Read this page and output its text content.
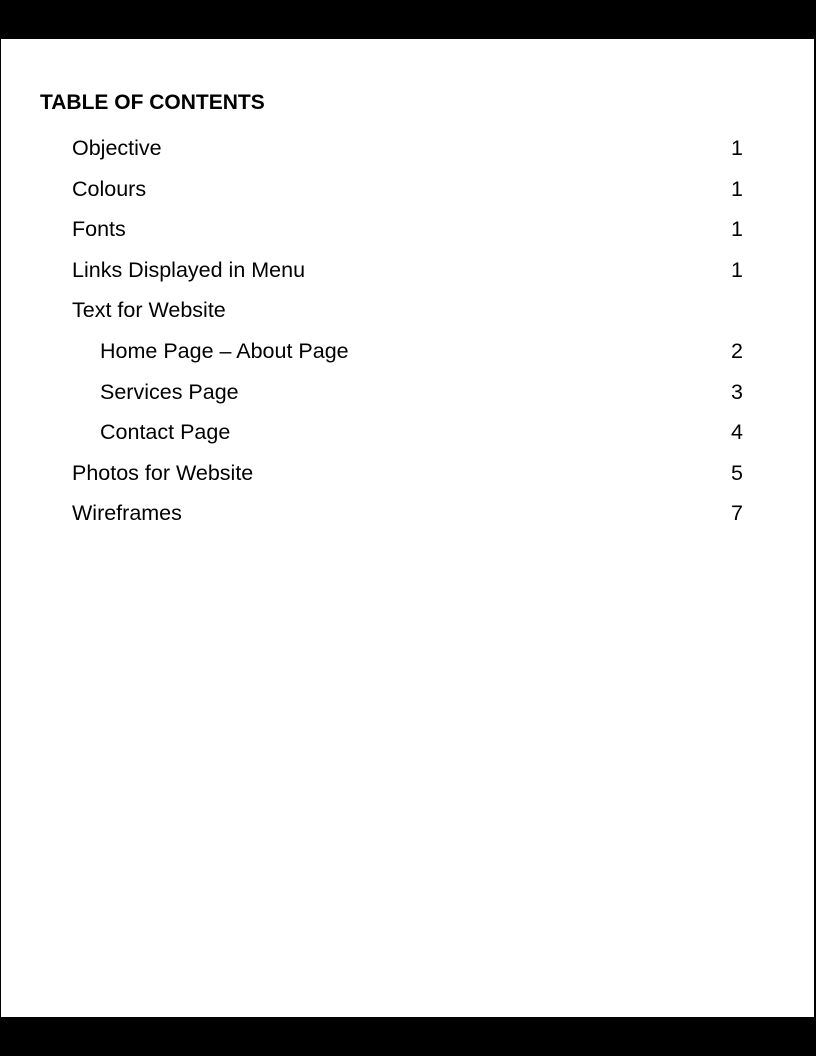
TABLE OF CONTENTS
Objective	1
Colours	1
Fonts	1
Links Displayed in Menu	1
Text for Website
Home Page – About Page	2
Services Page	3
Contact Page	4
Photos for Website	5
Wireframes	7
